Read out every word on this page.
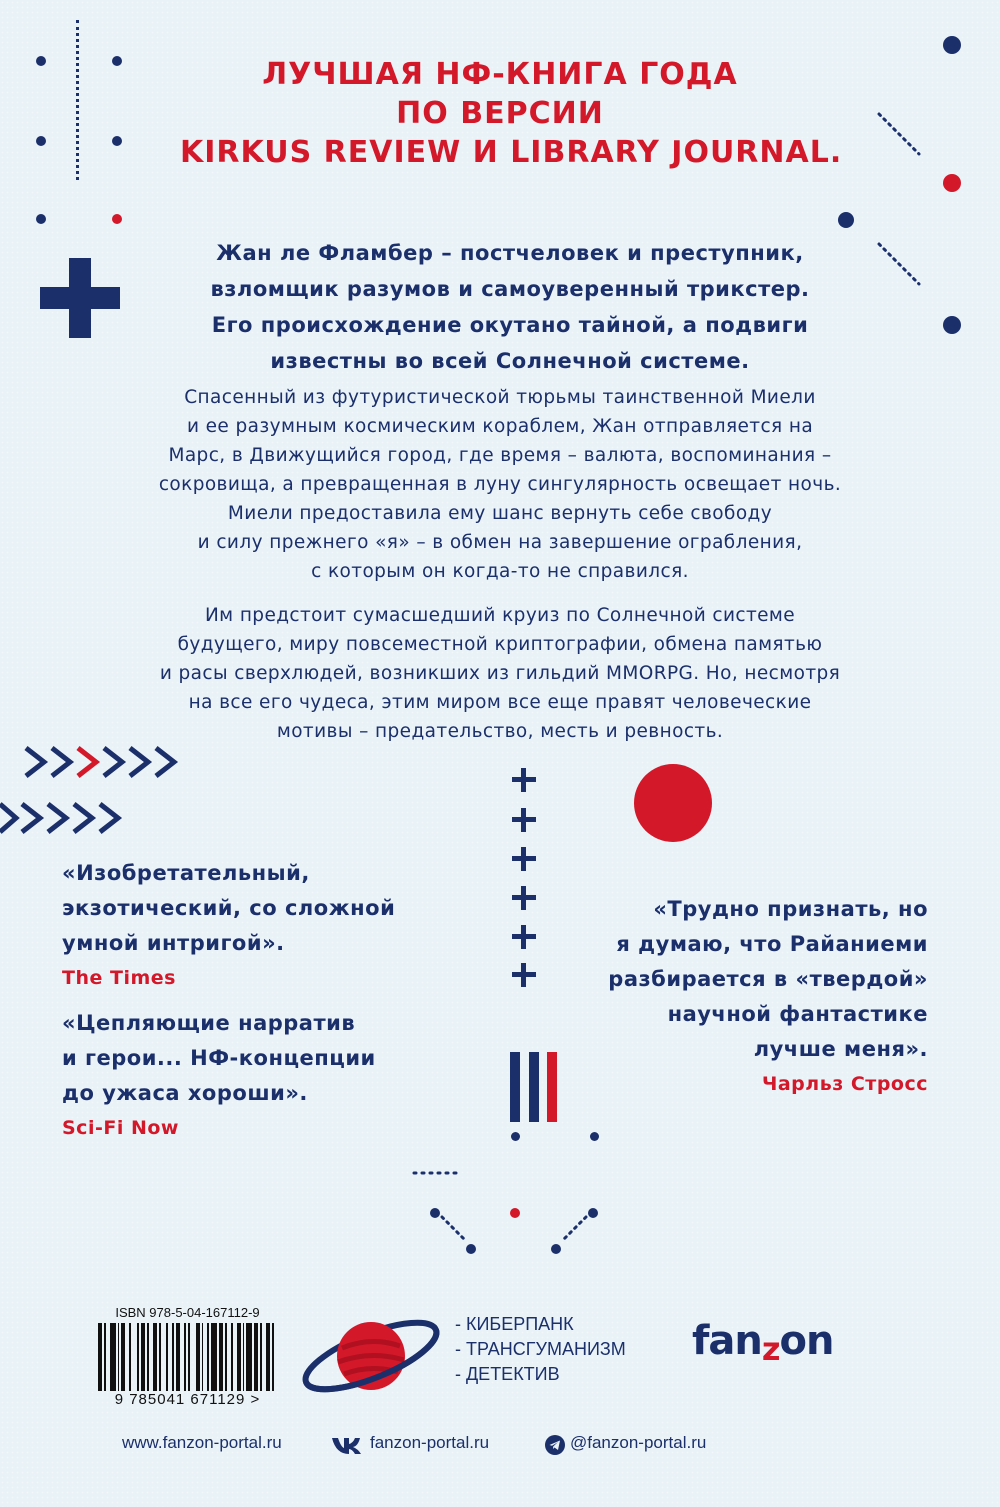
ЛУЧШАЯ НФ-КНИГА ГОДА
ПО ВЕРСИИ
KIRKUS REVIEW И LIBRARY JOURNAL.
Жан ле Фламбер – постчеловек и преступник,
взломщик разумов и самоуверенный трикстер.
Его происхождение окутано тайной, а подвиги
известны во всей Солнечной системе.
Спасенный из футуристической тюрьмы таинственной Миели
и ее разумным космическим кораблем, Жан отправляется на
Марс, в Движущийся город, где время – валюта, воспоминания –
сокровища, а превращенная в луну сингулярность освещает ночь.
Миели предоставила ему шанс вернуть себе свободу
и силу прежнего «я» – в обмен на завершение ограбления,
с которым он когда-то не справился.
Им предстоит сумасшедший круиз по Солнечной системе
будущего, миру повсеместной криптографии, обмена памятью
и расы сверхлюдей, возникших из гильдий MMORPG. Но, несмотря
на все его чудеса, этим миром все еще правят человеческие
мотивы – предательство, месть и ревность.
«Изобретательный,
экзотический, со сложной
умной интригой».
The Times
«Цепляющие нарратив
и герои... НФ-концепции
до ужаса хороши».
Sci-Fi Now
«Трудно признать, но
я думаю, что Райаниеми
разбирается в «твердой»
научной фантастике
лучше меня».
Чарльз Стросс
ISBN 978-5-04-167112-9
9 785041 671129 >
- КИБЕРПАНК
- ТРАНСГУМАНИЗМ
- ДЕТЕКТИВ
fanzon
www.fanzon-portal.ru	fanzon-portal.ru	@fanzon-portal.ru
